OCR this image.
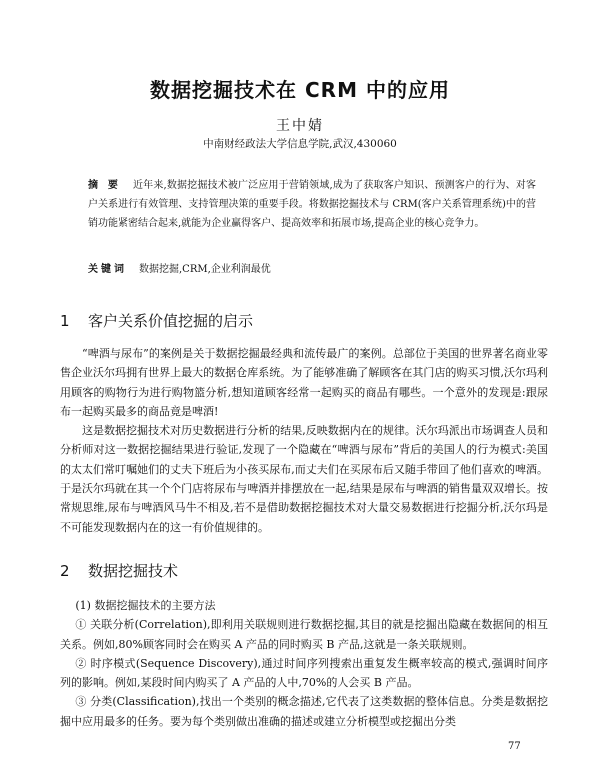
数据挖掘技术在 CRM 中的应用
王中婧
中南财经政法大学信息学院,武汉,430060
摘 要 近年来,数据挖掘技术被广泛应用于营销领域,成为了获取客户知识、预测客户的行为、对客户关系进行有效管理、支持管理决策的重要手段。将数据挖掘技术与 CRM(客户关系管理系统)中的营销功能紧密结合起来,就能为企业赢得客户、提高效率和拓展市场,提高企业的核心竞争力。
关键词 数据挖掘,CRM,企业利润最优
1 客户关系价值挖掘的启示

“啤酒与尿布”的案例是关于数据挖掘最经典和流传最广的案例。总部位于美国的世界著名商业零售企业沃尔玛拥有世界上最大的数据仓库系统。为了能够准确了解顾客在其门店的购买习惯,沃尔玛利用顾客的购物行为进行购物篮分析,想知道顾客经常一起购买的商品有哪些。一个意外的发现是:跟尿布一起购买最多的商品竟是啤酒!

这是数据挖掘技术对历史数据进行分析的结果,反映数据内在的规律。沃尔玛派出市场调查人员和分析师对这一数据挖掘结果进行验证,发现了一个隐藏在“啤酒与尿布”背后的美国人的行为模式:美国的太太们常叮嘱她们的丈夫下班后为小孩买尿布,而丈夫们在买尿布后又随手带回了他们喜欢的啤酒。于是沃尔玛就在其一个个门店将尿布与啤酒并排摆放在一起,结果是尿布与啤酒的销售量双双增长。按常规思维,尿布与啤酒风马牛不相及,若不是借助数据挖掘技术对大量交易数据进行挖掘分析,沃尔玛是不可能发现数据内在的这一有价值规律的。

2 数据挖掘技术

(1) 数据挖掘技术的主要方法

① 关联分析(Correlation),即利用关联规则进行数据挖掘,其目的就是挖掘出隐藏在数据间的相互关系。例如,80%顾客同时会在购买 A 产品的同时购买 B 产品,这就是一条关联规则。

② 时序模式(Sequence Discovery),通过时间序列搜索出重复发生概率较高的模式,强调时间序列的影响。例如,某段时间内购买了 A 产品的人中,70%的人会买 B 产品。

③ 分类(Classification),找出一个类别的概念描述,它代表了这类数据的整体信息。分类是数据挖掘中应用最多的任务。要为每个类别做出准确的描述或建立分析模型或挖掘出分类

77
